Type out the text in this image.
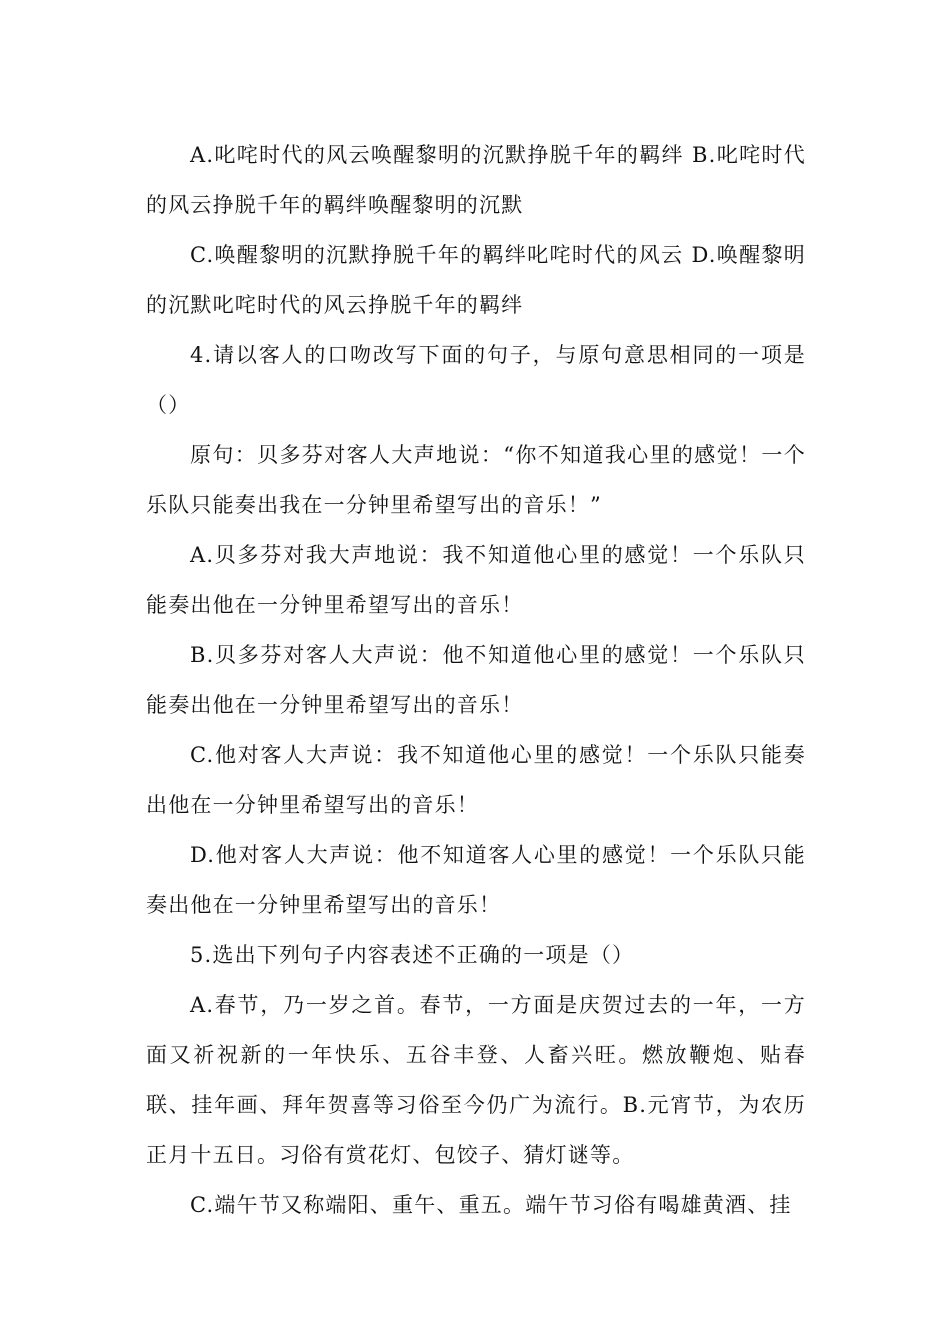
A.叱咤时代的风云唤醒黎明的沉默挣脱千年的羁绊 B.叱咤时代的风云挣脱千年的羁绊唤醒黎明的沉默

C.唤醒黎明的沉默挣脱千年的羁绊叱咤时代的风云 D.唤醒黎明的沉默叱咤时代的风云挣脱千年的羁绊

4.请以客人的口吻改写下面的句子，与原句意思相同的一项是（）

原句：贝多芬对客人大声地说：“你不知道我心里的感觉！一个乐队只能奏出我在一分钟里希望写出的音乐！”

A.贝多芬对我大声地说：我不知道他心里的感觉！一个乐队只能奏出他在一分钟里希望写出的音乐！

B.贝多芬对客人大声说：他不知道他心里的感觉！一个乐队只能奏出他在一分钟里希望写出的音乐！

C.他对客人大声说：我不知道他心里的感觉！一个乐队只能奏出他在一分钟里希望写出的音乐！

D.他对客人大声说：他不知道客人心里的感觉！一个乐队只能奏出他在一分钟里希望写出的音乐！

5.选出下列句子内容表述不正确的一项是（）

A.春节，乃一岁之首。春节，一方面是庆贺过去的一年，一方面又祈祝新的一年快乐、五谷丰登、人畜兴旺。燃放鞭炮、贴春联、挂年画、拜年贺喜等习俗至今仍广为流行。B.元宵节，为农历正月十五日。习俗有赏花灯、包饺子、猜灯谜等。

C.端午节又称端阳、重午、重五。端午节习俗有喝雄黄酒、挂
